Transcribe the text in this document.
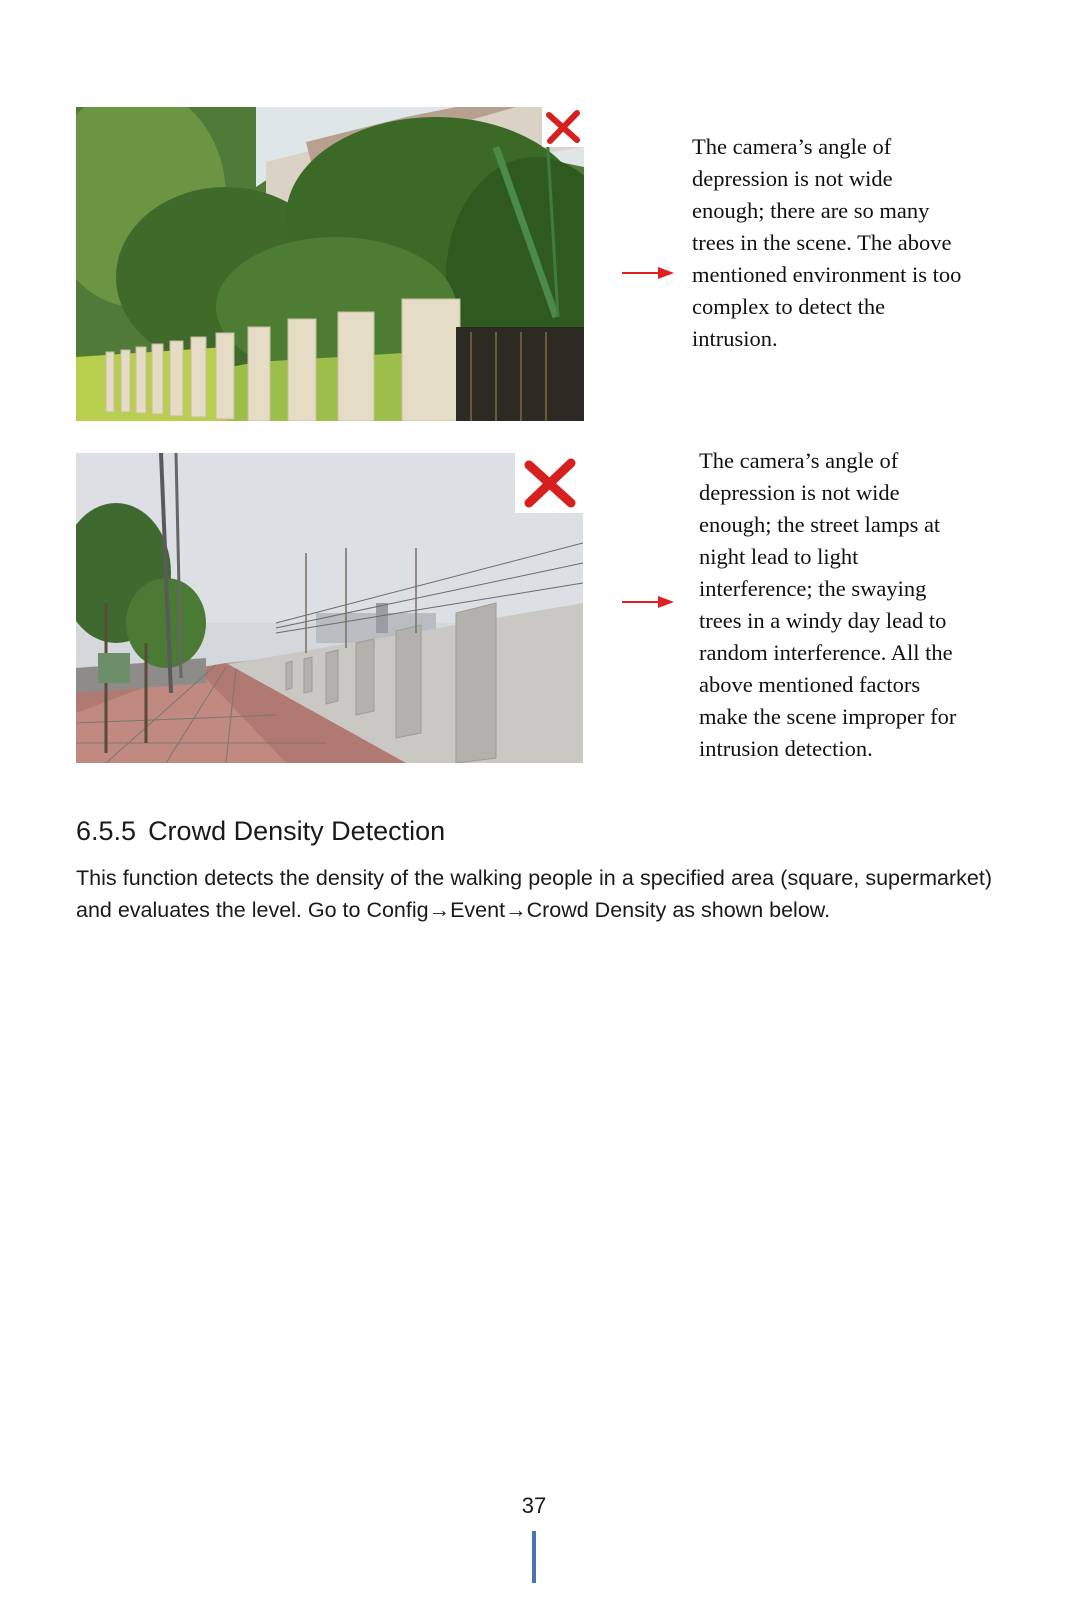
The camera’s angle of
depression is not wide
enough; there are so many
trees in the scene. The above
mentioned environment is too
complex to detect the
intrusion.

The camera’s angle of
depression is not wide
enough; the street lamps at
night lead to light
interference; the swaying
trees in a windy day lead to
random interference. All the
above mentioned factors
make the scene improper for
intrusion detection.

6.5.5 Crowd Density Detection

This function detects the density of the walking people in a specified area (square, supermarket) and evaluates the level. Go to Config→Event→Crowd Density as shown below.

37
